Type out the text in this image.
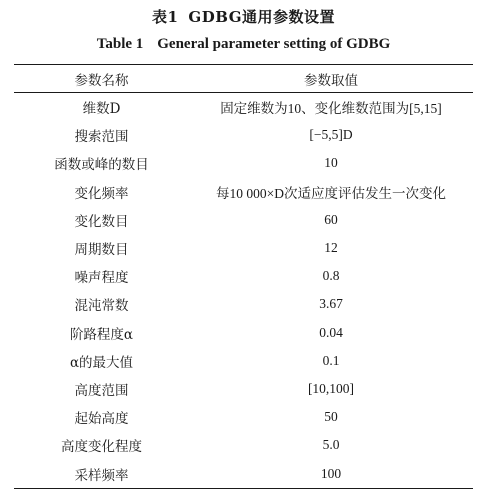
表1 GDBG通用参数设置
Table 1 General parameter setting of GDBG
参数名称	参数取值
维数D	固定维数为10、变化维数范围为[5,15]
搜索范围	[−5,5]D
函数或峰的数目	10
变化频率	每10 000×D次适应度评估发生一次变化
变化数目	60
周期数目	12
噪声程度	0.8
混沌常数	3.67
阶路程度α	0.04
α的最大值	0.1
高度范围	[10,100]
起始高度	50
高度变化程度	5.0
采样频率	100
